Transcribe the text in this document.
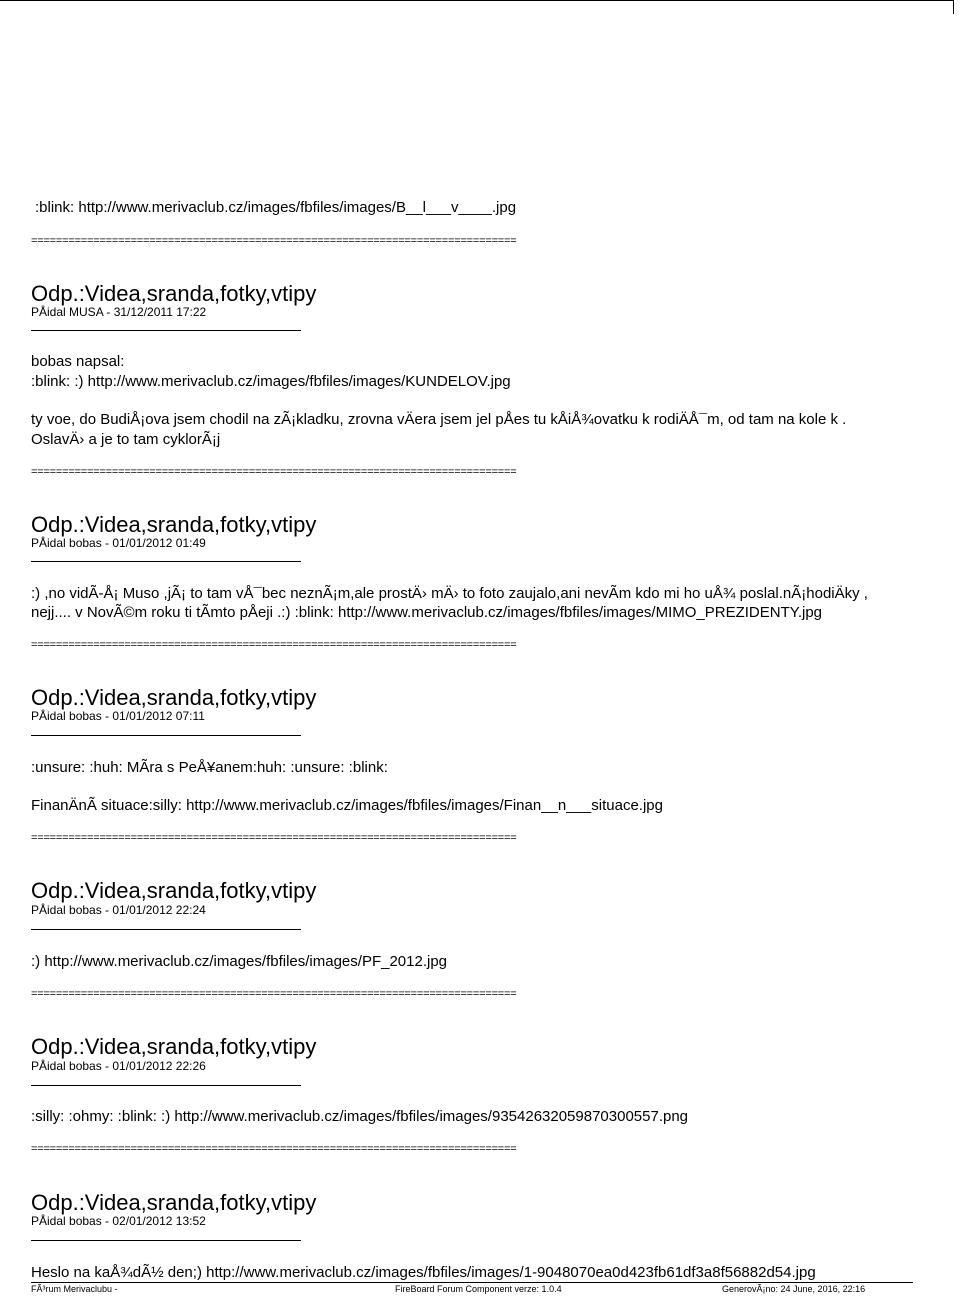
:blink: http://www.merivaclub.cz/images/fbfiles/images/B__l___v____.jpg
==============================================================================
Odp.:Videa,sranda,fotky,vtipy
PÅidal MUSA - 31/12/2011 17:22
bobas napsal:
:blink: :) http://www.merivaclub.cz/images/fbfiles/images/KUNDELOV.jpg
ty voe, do BudiÅ¡ova jsem chodil na zÃ¡kladku, zrovna vÄera jsem jel pÅes tu kÅiÅ¾ovatku k rodiÄÅ¯m, od tam na kole k .
OslavÄ› a je to tam cyklorÃ¡j
==============================================================================
Odp.:Videa,sranda,fotky,vtipy
PÅidal bobas - 01/01/2012 01:49
:) ,no vidÃ-Å¡ Muso ,jÃ¡ to tam vÅ¯bec neznÃ¡m,ale prostÄ› mÄ› to foto zaujalo,ani nevÃm kdo mi ho uÅ¾ poslal.nÃ¡hodiÄky ,
nejj.... v NovÃ©m roku ti tÃmto pÅeji .:) :blink: http://www.merivaclub.cz/images/fbfiles/images/MIMO_PREZIDENTY.jpg
==============================================================================
Odp.:Videa,sranda,fotky,vtipy
PÅidal bobas - 01/01/2012 07:11
:unsure: :huh: MÃra s PeÅ¥anem:huh: :unsure: :blink:
FinanÄnÃ situace:silly: http://www.merivaclub.cz/images/fbfiles/images/Finan__n___situace.jpg
==============================================================================
Odp.:Videa,sranda,fotky,vtipy
PÅidal bobas - 01/01/2012 22:24
:) http://www.merivaclub.cz/images/fbfiles/images/PF_2012.jpg
==============================================================================
Odp.:Videa,sranda,fotky,vtipy
PÅidal bobas - 01/01/2012 22:26
:silly: :ohmy: :blink: :) http://www.merivaclub.cz/images/fbfiles/images/93542632059870300557.png
==============================================================================
Odp.:Videa,sranda,fotky,vtipy
PÅidal bobas - 02/01/2012 13:52
Heslo na kaÅ¾dÃ½ den;) http://www.merivaclub.cz/images/fbfiles/images/1-9048070ea0d423fb61df3a8f56882d54.jpg
FÃ³rum Merivaclubu -	FireBoard Forum Component verze: 1.0.4	GenerovÃ¡no: 24 June, 2016, 22:16
